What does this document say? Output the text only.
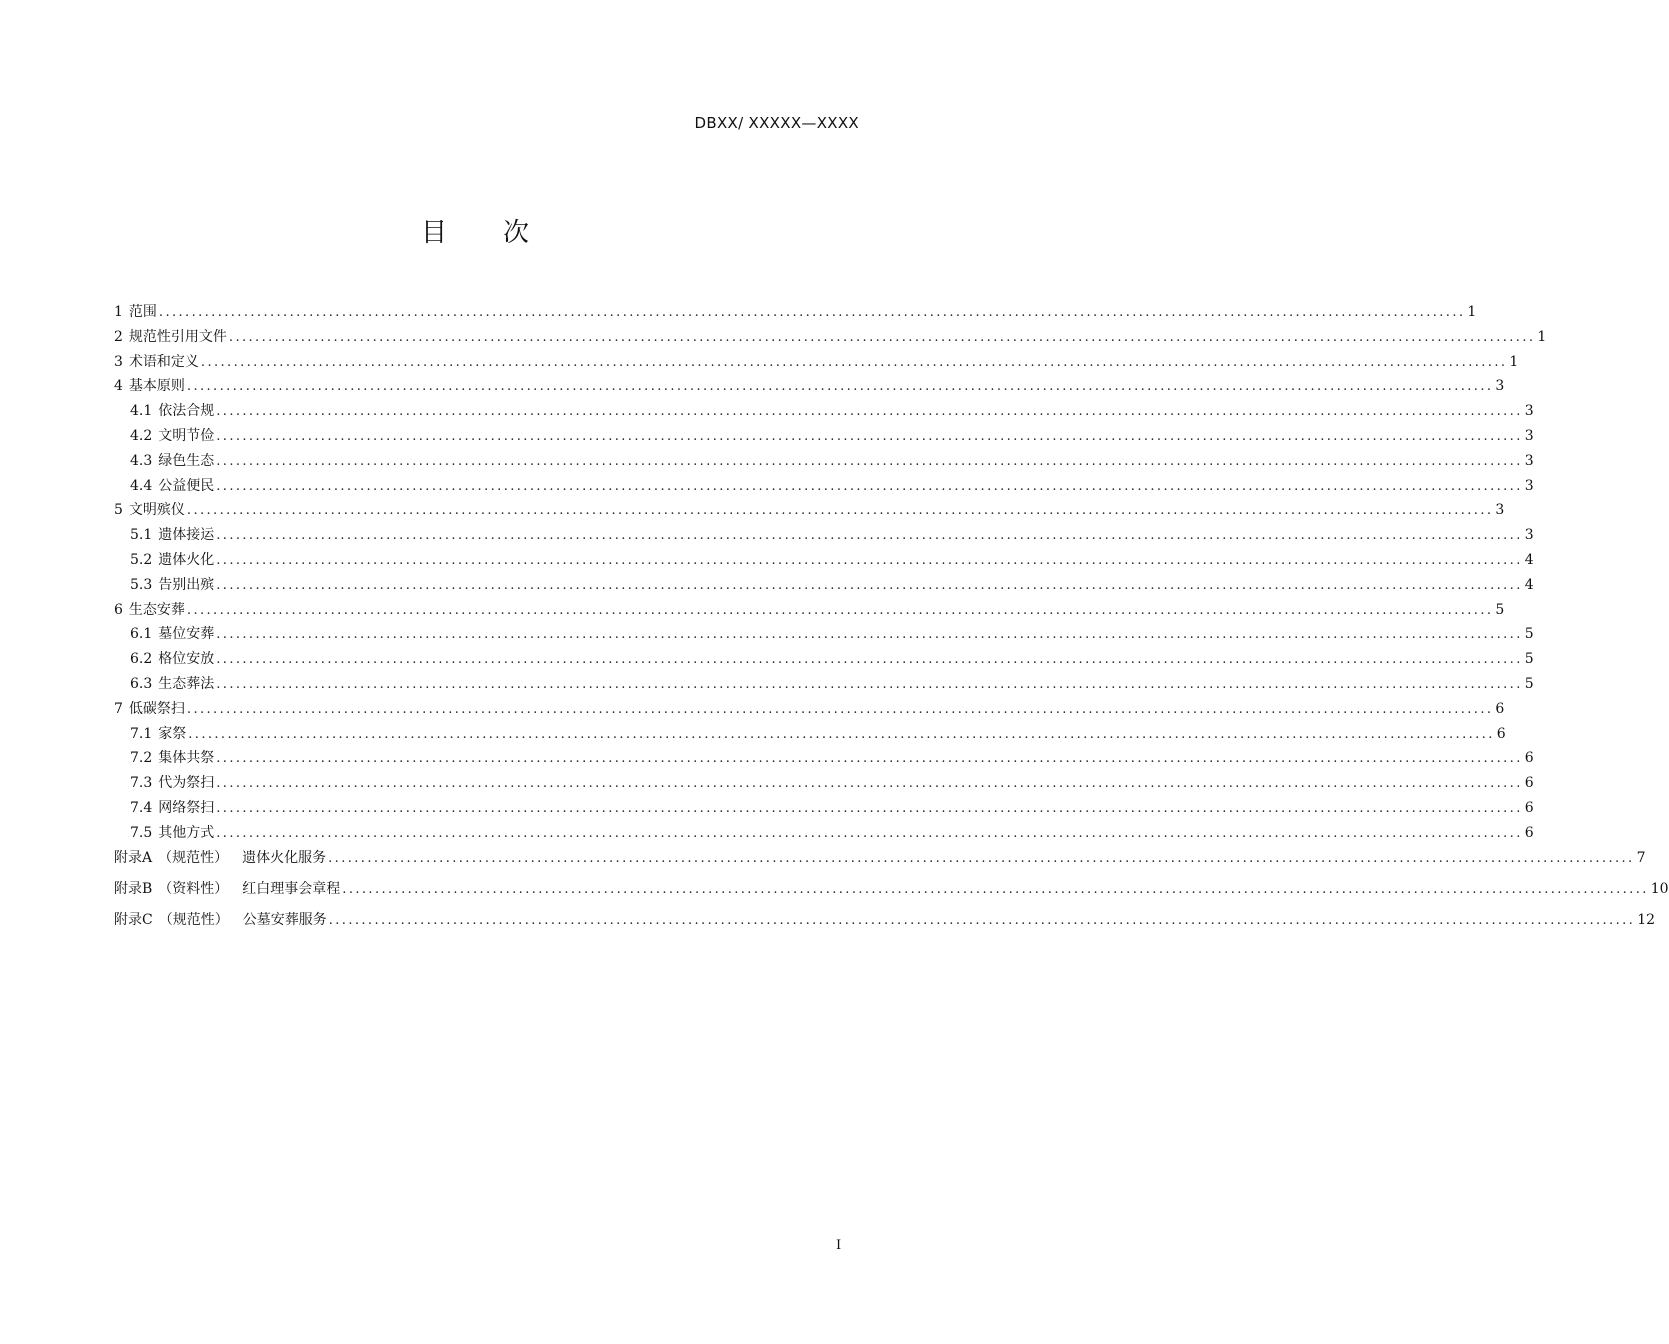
DBXX/ XXXXX—XXXX
目 次
1 范围 ........................................................................................................................................................................................................ 1
2 规范性引用文件 ........................................................................................................................................................................................................ 1
3 术语和定义 ........................................................................................................................................................................................................ 1
4 基本原则 ........................................................................................................................................................................................................ 3
4.1 依法合规 ........................................................................................................................................................................................................ 3
4.2 文明节俭 ........................................................................................................................................................................................................ 3
4.3 绿色生态 ........................................................................................................................................................................................................ 3
4.4 公益便民 ........................................................................................................................................................................................................ 3
5 文明殡仪 ........................................................................................................................................................................................................ 3
5.1 遗体接运 ........................................................................................................................................................................................................ 3
5.2 遗体火化 ........................................................................................................................................................................................................ 4
5.3 告别出殡 ........................................................................................................................................................................................................ 4
6 生态安葬 ........................................................................................................................................................................................................ 5
6.1 墓位安葬 ........................................................................................................................................................................................................ 5
6.2 格位安放 ........................................................................................................................................................................................................ 5
6.3 生态葬法 ........................................................................................................................................................................................................ 5
7 低碳祭扫 ........................................................................................................................................................................................................ 6
7.1 家祭 ........................................................................................................................................................................................................ 6
7.2 集体共祭 ........................................................................................................................................................................................................ 6
7.3 代为祭扫 ........................................................................................................................................................................................................ 6
7.4 网络祭扫 ........................................................................................................................................................................................................ 6
7.5 其他方式 ........................................................................................................................................................................................................ 6
附录A （规范性） 遗体火化服务 ........................................................................................................................................................................................................ 7
附录B （资料性） 红白理事会章程 ........................................................................................................................................................................................................ 10
附录C （规范性） 公墓安葬服务 ........................................................................................................................................................................................................ 12
I
